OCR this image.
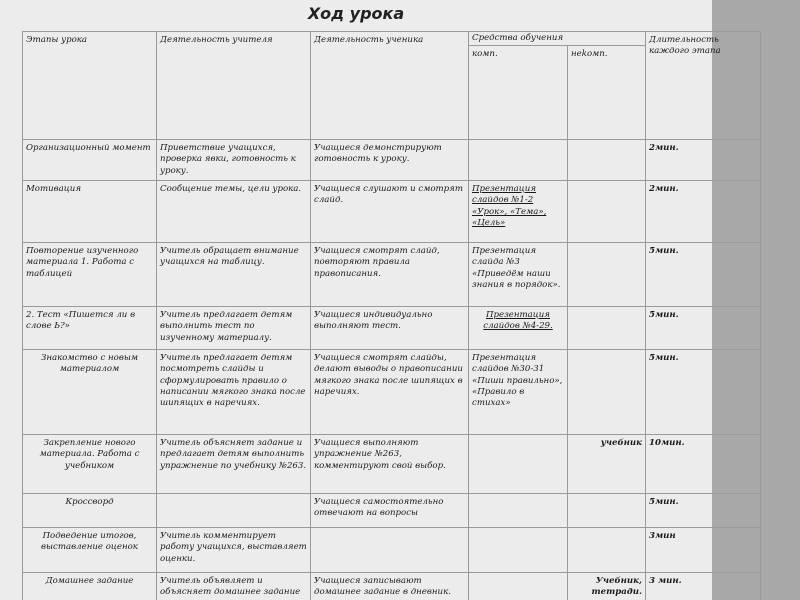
Ход урока
Этапы урока	Деятельность учителя	Деятельность ученика	Средства обучения		Длительность каждого этапа
			комп.	неkомп.	
Организационный момент	Приветствие учащихся, проверка явки, готовность к уроку.	Учащиеся демонстрируют готовность к уроку.			2мин.
Мотивация	Сообщение темы, цели урока.	Учащиеся слушают и смотрят слайд.	Презентация слайдов №1-2 «Урок», «Тема», «Цель»		2мин.
Повторение изученного материала 1. Работа с таблицей	Учитель обращает внимание учащихся на таблицу.	Учащиеся смотрят слайд, повторяют правила правописания.	Презентация слайда №3 «Приведём наши знания в порядок».		5мин.
2. Тест «Пишется ли в слове Ь?»	Учитель предлагает детям выполнить тест по изученному материалу.	Учащиеся индивидуально выполняют тест.	Презентация слайдов №4-29.		5мин.
Знакомство с новым материалом	Учитель предлагает детям посмотреть слайды и сформулировать правило о написании мягкого знака после шипящих в наречиях.	Учащиеся смотрят слайды, делают выводы о правописании мягкого знака после шипящих в наречиях.	Презентация слайдов №30-31 «Пиши правильно», «Правило в стихах»		5мин.
Закрепление нового материала. Работа с учебником	Учитель объясняет задание и предлагает детям выполнить упражнение по учебнику №263.	Учащиеся выполняют упражнение №263, комментируют свой выбор.		учебник	10мин.
Кроссворд		Учащиеся самостоятельно отвечают на вопросы			5мин.
Подведение итогов, выставление оценок	Учитель комментирует работу учащихся, выставляет оценки.				3мин
Домашнее задание	Учитель объявляет и объясняет домашнее задание	Учащиеся записывают домашнее задание в дневник.		Учебник, тетради.	3 мин.
